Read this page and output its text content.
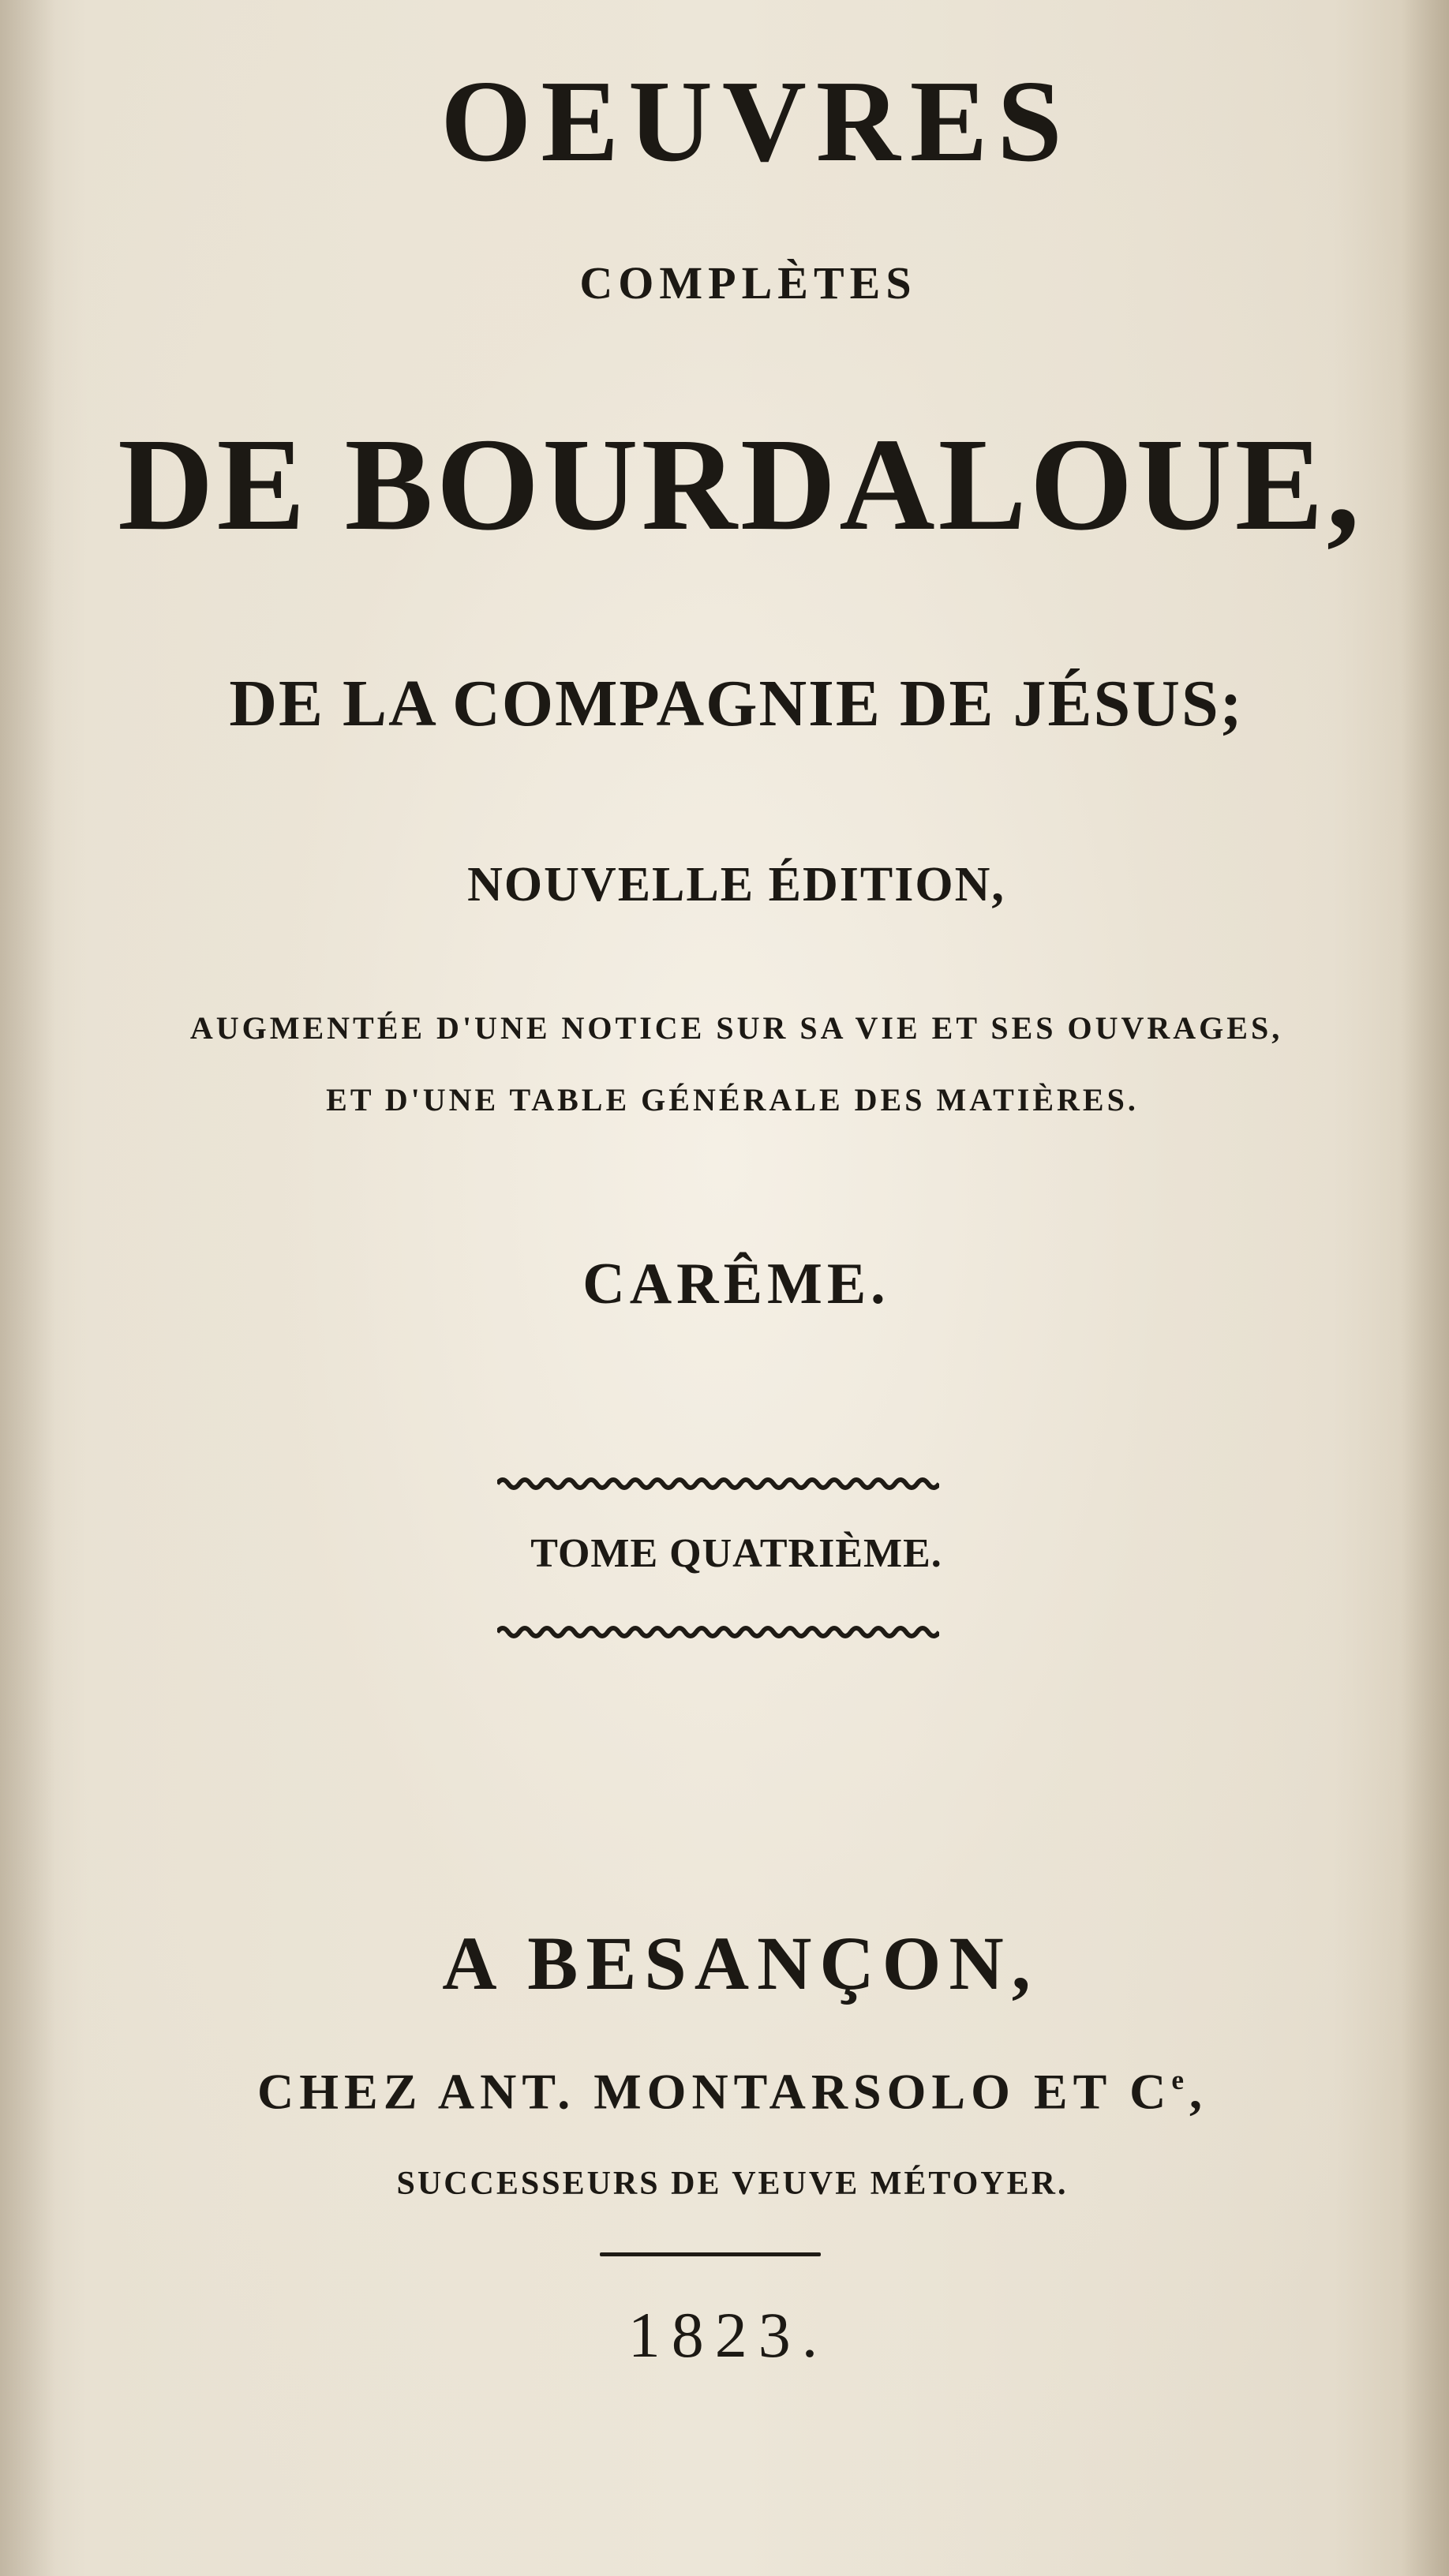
OEUVRES
COMPLÈTES
DE BOURDALOUE,
DE LA COMPAGNIE DE JÉSUS;
NOUVELLE ÉDITION,
AUGMENTÉE D'UNE NOTICE SUR SA VIE ET SES OUVRAGES,
ET D'UNE TABLE GÉNÉRALE DES MATIÈRES.
CARÊME.
TOME QUATRIÈME.
A BESANÇON,
CHEZ ANT. MONTARSOLO ET Ce,
SUCCESSEURS DE VEUVE MÉTOYER.
1823.
